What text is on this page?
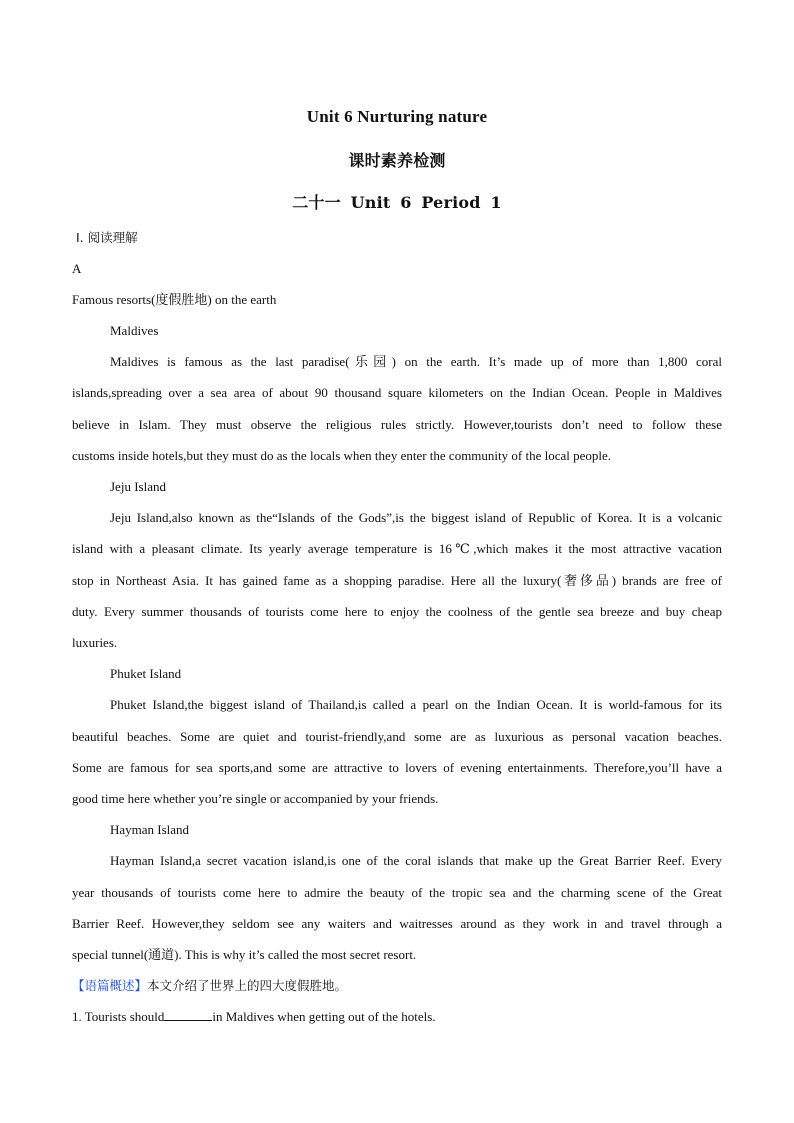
Unit 6 Nurturing nature
课时素养检测
二十一 Unit 6 Period 1
Ⅰ. 阅读理解
A
Famous resorts(度假胜地) on the earth
Maldives
Maldives is famous as the last paradise(乐园) on the earth. It’s made up of more than 1,800 coral
islands,spreading over a sea area of about 90 thousand square kilometers on the Indian Ocean. People in Maldives
believe in Islam. They must observe the religious rules strictly. However,tourists don’t need to follow these
customs inside hotels,but they must do as the locals when they enter the community of the local people.
Jeju Island
Jeju Island,also known as the“Islands of the Gods”,is the biggest island of Republic of Korea. It is a volcanic
island with a pleasant climate. Its yearly average temperature is 16℃,which makes it the most attractive vacation
stop in Northeast Asia. It has gained fame as a shopping paradise. Here all the luxury(奢侈品) brands are free of
duty. Every summer thousands of tourists come here to enjoy the coolness of the gentle sea breeze and buy cheap
luxuries.
Phuket Island
Phuket Island,the biggest island of Thailand,is called a pearl on the Indian Ocean. It is world-famous for its
beautiful beaches. Some are quiet and tourist-friendly,and some are as luxurious as personal vacation beaches.
Some are famous for sea sports,and some are attractive to lovers of evening entertainments. Therefore,you’ll have a
good time here whether you’re single or accompanied by your friends.
Hayman Island
Hayman Island,a secret vacation island,is one of the coral islands that make up the Great Barrier Reef. Every
year thousands of tourists come here to admire the beauty of the tropic sea and the charming scene of the Great
Barrier Reef. However,they seldom see any waiters and waitresses around as they work in and travel through a
special tunnel(通道). This is why it’s called the most secret resort.
【语篇概述】本文介绍了世界上的四大度假胜地。
1. Tourists should	in Maldives when getting out of the hotels.
